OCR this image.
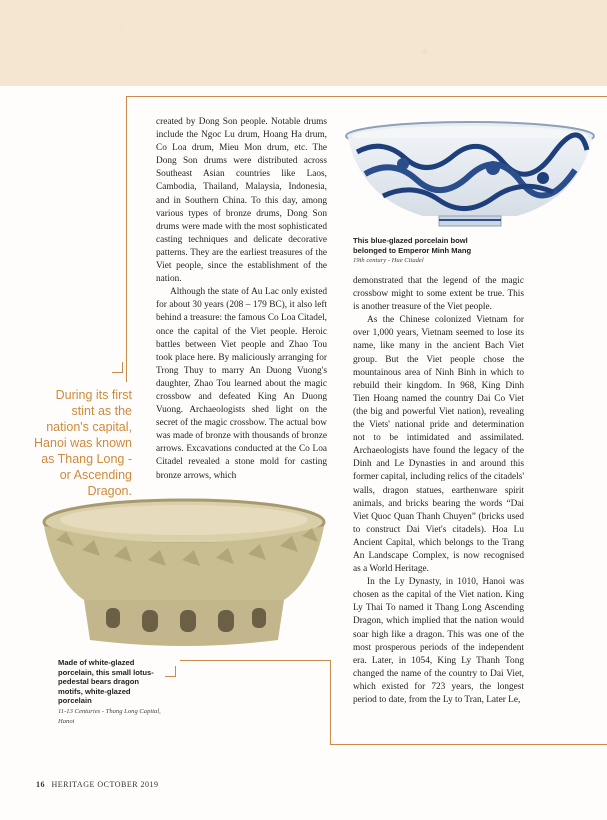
created by Dong Son people. Notable drums include the Ngoc Lu drum, Hoang Ha drum, Co Loa drum, Mieu Mon drum, etc. The Dong Son drums were distributed across Southeast Asian countries like Laos, Cambodia, Thailand, Malaysia, Indonesia, and in Southern China. To this day, among various types of bronze drums, Dong Son drums were made with the most sophisticated casting techniques and delicate decorative patterns. They are the earliest treasures of the Viet people, since the establishment of the nation.

Although the state of Au Lac only existed for about 30 years (208 – 179 BC), it also left behind a treasure: the famous Co Loa Citadel, once the capital of the Viet people. Heroic battles between Viet people and Zhao Tou took place here. By maliciously arranging for Trong Thuy to marry An Duong Vuong's daughter, Zhao Tou learned about the magic crossbow and defeated King An Duong Vuong. Archaeologists shed light on the secret of the magic crossbow. The actual bow was made of bronze with thousands of bronze arrows. Excavations conducted at the Co Loa Citadel revealed a stone mold for casting bronze arrows, which

During its first stint as the nation's capital, Hanoi was known as Thang Long - or Ascending Dragon.
This blue-glazed porcelain bowl belonged to Emperor Minh Mang
19th century - Hue Citadel

demonstrated that the legend of the magic crossbow might to some extent be true. This is another treasure of the Viet people.

As the Chinese colonized Vietnam for over 1,000 years, Vietnam seemed to lose its name, like many in the ancient Bach Viet group. But the Viet people chose the mountainous area of Ninh Binh in which to rebuild their kingdom. In 968, King Dinh Tien Hoang named the country Dai Co Viet (the big and powerful Viet nation), revealing the Viets' national pride and determination not to be intimidated and assimilated. Archaeologists have found the legacy of the Dinh and Le Dynasties in and around this former capital, including relics of the citadels' walls, dragon statues, earthenware spirit animals, and bricks bearing the words “Dai Viet Quoc Quan Thanh Chuyen” (bricks used to construct Dai Viet's citadels). Hoa Lu Ancient Capital, which belongs to the Trang An Landscape Complex, is now recognised as a World Heritage.

In the Ly Dynasty, in 1010, Hanoi was chosen as the capital of the Viet nation. King Ly Thai To named it Thang Long Ascending Dragon, which implied that the nation would soar high like a dragon. This was one of the most prosperous periods of the independent era. Later, in 1054, King Ly Thanh Tong changed the name of the country to Dai Viet, which existed for 723 years, the longest period to date, from the Ly to Tran, Later Le,

Made of white-glazed porcelain, this small lotus-pedestal bears dragon motifs, white-glazed porcelain
11-13 Centuries - Thang Long Capital, Hanoi
16 HERITAGE OCTOBER 2019
